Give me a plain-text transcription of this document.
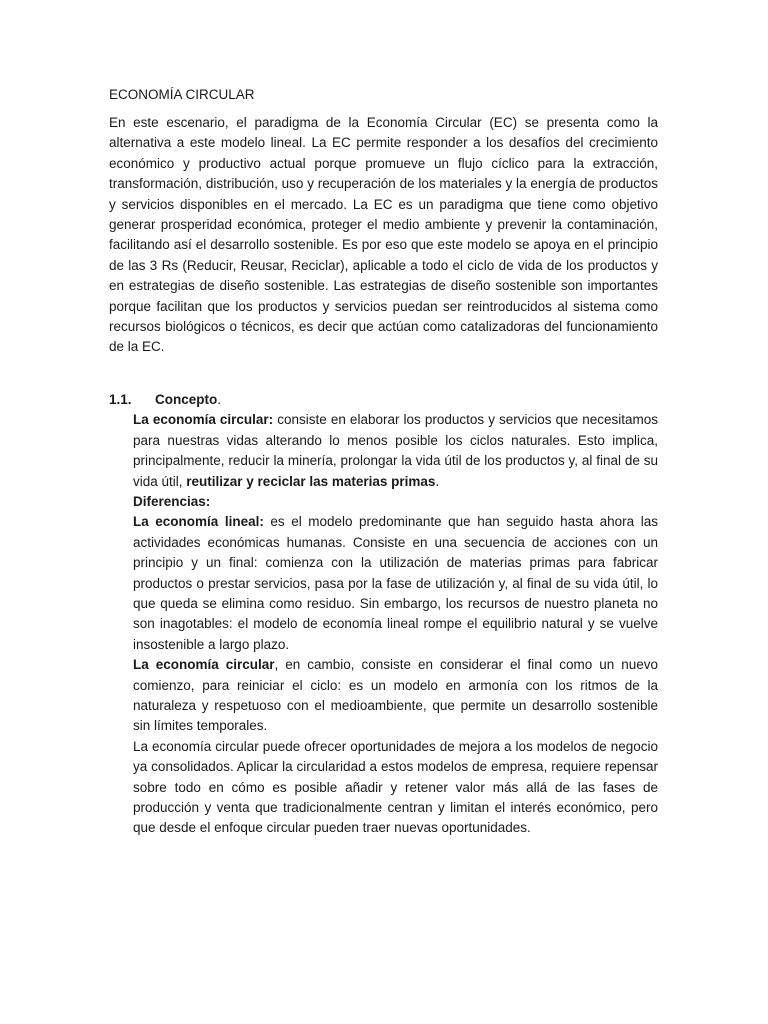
ECONOMÍA CIRCULAR

En este escenario, el paradigma de la Economía Circular (EC) se presenta como la alternativa a este modelo lineal. La EC permite responder a los desafíos del crecimiento económico y productivo actual porque promueve un flujo cíclico para la extracción, transformación, distribución, uso y recuperación de los materiales y la energía de productos y servicios disponibles en el mercado. La EC es un paradigma que tiene como objetivo generar prosperidad económica, proteger el medio ambiente y prevenir la contaminación, facilitando así el desarrollo sostenible. Es por eso que este modelo se apoya en el principio de las 3 Rs (Reducir, Reusar, Reciclar), aplicable a todo el ciclo de vida de los productos y en estrategias de diseño sostenible. Las estrategias de diseño sostenible son importantes porque facilitan que los productos y servicios puedan ser reintroducidos al sistema como recursos biológicos o técnicos, es decir que actúan como catalizadoras del funcionamiento de la EC.

1.1.	Concepto.

La economía circular: consiste en elaborar los productos y servicios que necesitamos para nuestras vidas alterando lo menos posible los ciclos naturales. Esto implica, principalmente, reducir la minería, prolongar la vida útil de los productos y, al final de su vida útil, reutilizar y reciclar las materias primas.

Diferencias:

La economía lineal: es el modelo predominante que han seguido hasta ahora las actividades económicas humanas. Consiste en una secuencia de acciones con un principio y un final: comienza con la utilización de materias primas para fabricar productos o prestar servicios, pasa por la fase de utilización y, al final de su vida útil, lo que queda se elimina como residuo. Sin embargo, los recursos de nuestro planeta no son inagotables: el modelo de economía lineal rompe el equilibrio natural y se vuelve insostenible a largo plazo.

La economía circular, en cambio, consiste en considerar el final como un nuevo comienzo, para reiniciar el ciclo: es un modelo en armonía con los ritmos de la naturaleza y respetuoso con el medioambiente, que permite un desarrollo sostenible sin límites temporales.

La economía circular puede ofrecer oportunidades de mejora a los modelos de negocio ya consolidados. Aplicar la circularidad a estos modelos de empresa, requiere repensar sobre todo en cómo es posible añadir y retener valor más allá de las fases de producción y venta que tradicionalmente centran y limitan el interés económico, pero que desde el enfoque circular pueden traer nuevas oportunidades.
